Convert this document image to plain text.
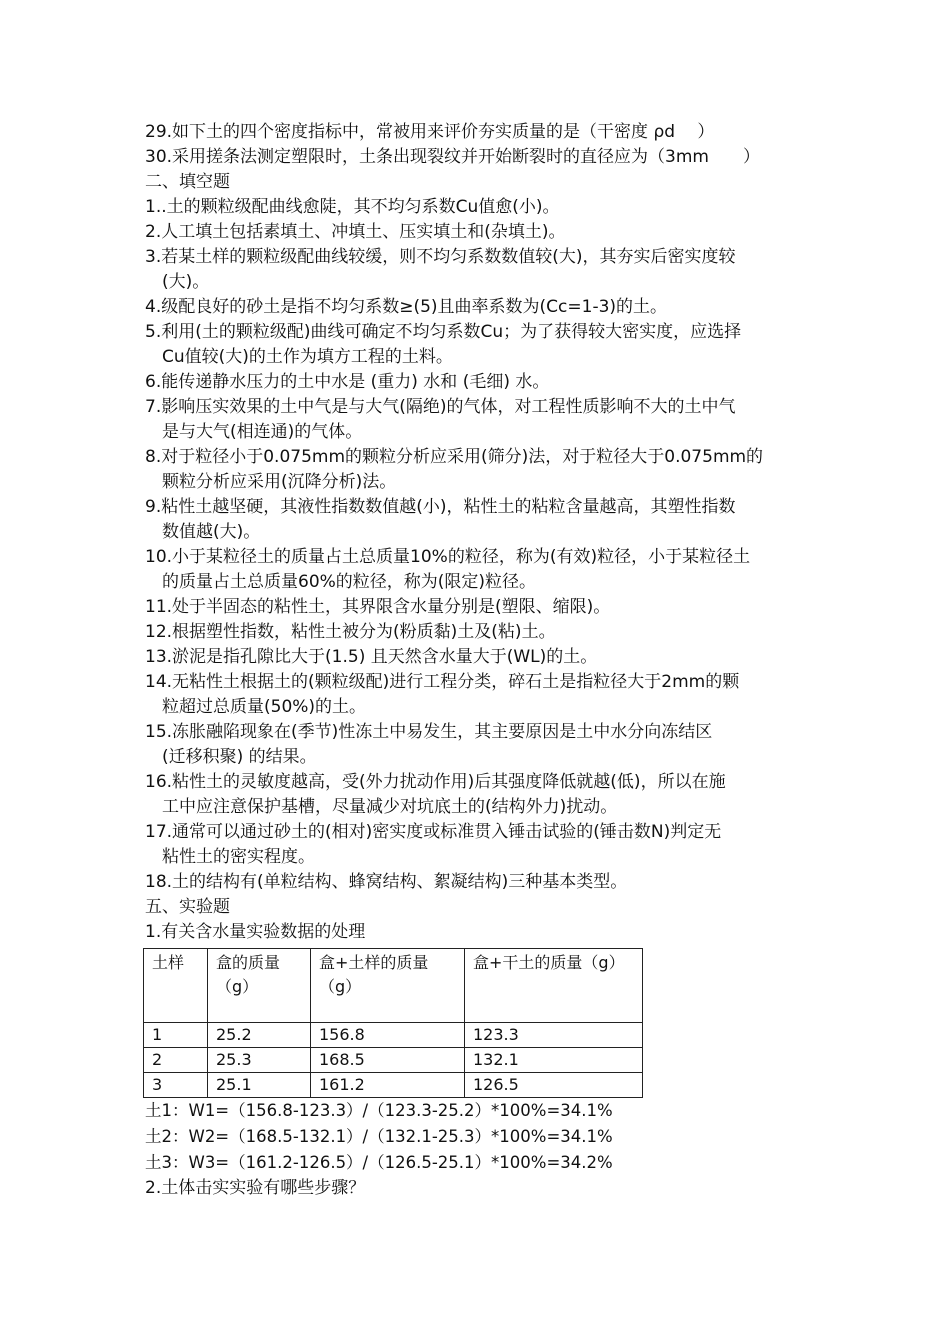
29.如下土的四个密度指标中，常被用来评价夯实质量的是（干密度 ρd　 ）
30.采用搓条法测定塑限时，土条出现裂纹并开始断裂时的直径应为（3mm　　）
二、填空题
1..土的颗粒级配曲线愈陡，其不均匀系数Cu值愈(小)。
2.人工填土包括素填土、冲填土、压实填土和(杂填土)。
3.若某土样的颗粒级配曲线较缓，则不均匀系数数值较(大)，其夯实后密实度较
(大)。
4.级配良好的砂土是指不均匀系数≥(5)且曲率系数为(Cc=1-3)的土。
5.利用(土的颗粒级配)曲线可确定不均匀系数Cu；为了获得较大密实度，应选择
Cu值较(大)的土作为填方工程的土料。
6.能传递静水压力的土中水是 (重力) 水和 (毛细) 水。
7.影响压实效果的土中气是与大气(隔绝)的气体，对工程性质影响不大的土中气
是与大气(相连通)的气体。
8.对于粒径小于0.075mm的颗粒分析应采用(筛分)法，对于粒径大于0.075mm的
颗粒分析应采用(沉降分析)法。
9.粘性土越坚硬，其液性指数数值越(小)，粘性土的粘粒含量越高，其塑性指数
数值越(大)。
10.小于某粒径土的质量占土总质量10%的粒径，称为(有效)粒径，小于某粒径土
的质量占土总质量60%的粒径，称为(限定)粒径。
11.处于半固态的粘性土，其界限含水量分别是(塑限、缩限)。
12.根据塑性指数，粘性土被分为(粉质黏)土及(粘)土。
13.淤泥是指孔隙比大于(1.5) 且天然含水量大于(WL)的土。
14.无粘性土根据土的(颗粒级配)进行工程分类，碎石土是指粒径大于2mm的颗
粒超过总质量(50%)的土。
15.冻胀融陷现象在(季节)性冻土中易发生，其主要原因是土中水分向冻结区
(迁移积聚) 的结果。
16.粘性土的灵敏度越高，受(外力扰动作用)后其强度降低就越(低)，所以在施
工中应注意保护基槽，尽量减少对坑底土的(结构外力)扰动。
17.通常可以通过砂土的(相对)密实度或标准贯入锤击试验的(锤击数N)判定无
粘性土的密实程度。
18.土的结构有(单粒结构、蜂窝结构、絮凝结构)三种基本类型。
五、实验题
1.有关含水量实验数据的处理
土样	盒的质量（g）	盒+土样的质量（g）	盒+干土的质量（g）
1	25.2	156.8	123.3
2	25.3	168.5	132.1
3	25.1	161.2	126.5
土1：W1=（156.8-123.3）/（123.3-25.2）*100%=34.1%
土2：W2=（168.5-132.1）/（132.1-25.3）*100%=34.1%
土3：W3=（161.2-126.5）/（126.5-25.1）*100%=34.2%
2.土体击实实验有哪些步骤？
